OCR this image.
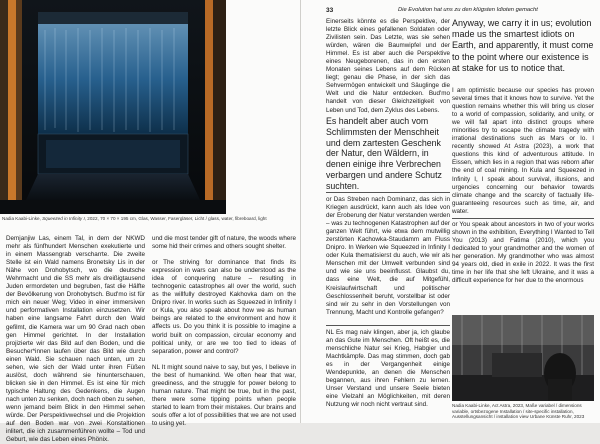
Nadia Kaabi-Linke, Squeezed in Infinity I, 2022, 70 × 70 × 195 cm, Glas, Wasser, Fasergläser, Licht / glass, water, fibreboard, light

Demjanjiw Las, einem Tal, in dem der NKWD mehr als fünfhundert Menschen exekutierte und in einem Massengrab verscharrte. Die zweite Stelle ist ein Wald namens Bronetsky Lis in der Nähe von Drohobytsch, wo die deutsche Wehrmacht und die SS mehr als dreißigtausend Juden ermordeten und begruben, fast die Hälfte der Bevölkerung von Drohobytsch. Bud'mo ist für mich ein neuer Weg; Video in einer immersiven und performativen Installation einzusetzen. Wir haben eine langsame Fahrt durch den Wald gefilmt, die Kamera war um 90 Grad nach oben gen Himmel gerichtet. In der Installation projizierte wir das Bild auf den Boden, und die Besucher*innen laufen über das Bild wie durch einen Wald. Sie schauen nach unten, um zu sehen, wie sich der Wald unter ihren Füßen auslöst, doch während sie hinunterschauen, blicken sie in den Himmel. Es ist eine für mich typische Haltung des Gedenkens, die Augen nach unten zu senken, doch nach oben zu sehen, wenn jemand beim Blick in den Himmel sehen würde. Der Perspektivwechsel und die Projektion auf den Boden war von zwei Konstaltionen inlitert, die ich zusammenführen wollte – Tod und Geburt, wie das Leben eines Phönix.

und die most tender gift of nature, the woods where some hid their crimes and others sought shelter.

or The striving for dominance that finds its expression in wars can also be understood as the idea of conquering nature – resulting in technogenic catastrophes all over the world, such as the willfully destroyed Kakhovka dam on the Dnipro river. In works such as Squeezed in Infinity I or Kula, you also speak about how we as human beings are related to the environment and how it affects us. Do you think it is possible to imagine a world built on compassion, circular economy and political unity, or are we too tied to ideas of separation, power and control?

NL It might sound naive to say, but yes, I believe in the best of humankind. We often hear that war, greediness, and the struggle for power belong to human nature. That might be true, but in the past, there were some tipping points when people started to learn from their mistakes. Our brains and souls offer a lot of possibilities that we are not used to using yet.

33	Die Evolution hat uns zu den klügsten Idioten gemacht

Einerseits könnte es die Perspektive, der letzte Blick eines gefallenen Soldaten oder Zivilisten sein. Das Letzte, was sie sehen würden, wären die Baumwipfel und der Himmel. Es ist aber auch die Perspektive eines Neugeborenen, das in den ersten Monaten seines Lebens auf dem Rücken liegt; genau die Phase, in der sich das Sehvermögen entwickelt und Säuglinge die Welt und die Natur entdecken. Bud'mo handelt von dieser Gleichzeitigkeit von Leben und Tod, dem Zyklus des Lebens.

Es handelt aber auch vom Schlimmsten der Menschheit und dem zartesten Geschenk der Natur, den Wäldern, in denen einige ihre Verbrechen verbargen und andere Schutz suchten.

or Das Streben nach Dominanz, das sich in Kriegen ausdrückt, kann auch als Idee von der Eroberung der Natur verstanden werden – was zu technogenen Katastrophen auf der ganzen Welt führt, wie etwa dem mutwillig zerstörten Kachowka-Staudamm am Fluss Dnipro. In Werken wie Squeezed in Infinity I oder Kula thematisierst du auch, wie wir als Menschen mit der Umwelt verbunden sind und wie sie uns beeinflusst. Glaubst du, dass eine Welt, die auf Mitgefühl, Kreislaufwirtschaft und politischer Geschlossenheit beruht, vorstellbar ist oder sind wir zu sehr in den Vorstellungen von Trennung, Macht und Kontrolle gefangen?

NL Es mag naiv klingen, aber ja, ich glaube an das Gute im Menschen. Oft heißt es, die menschliche Natur sei Krieg, Habgier und Machtkämpfe. Das mag stimmen, doch gab es in der Vergangenheit einige Wendepunkte, an denen die Menschen begannen, aus ihren Fehlern zu lernen. Unser Verstand und unsere Seele bieten eine Vielzahl an Möglichkeiten, mit deren Nutzung wir noch nicht vertraut sind.

Anyway, we carry it in us; evolution made us the smartest idiots on Earth, and apparently, it must come to the point where our existence is at stake for us to notice that.

I am optimistic because our species has proven several times that it knows how to survive. Yet the question remains whether this will bring us closer to a world of compassion, solidarity, and unity, or we will fall apart into distinct groups where minorities try to escape the climate tragedy with irrational destinations such as Mars or Io. I recently showed At Astra (2023), a work that questions this kind of adventurous attitude. In Eissen, which lies in a region that was reborn after the end of coal mining. In Kula and Squeezed in Infinity I, I speak about survival, illusions, and urgencies concerning our behavior towards climate change and the scarcity of factually life-guaranteeing resources such as time, air, and water.

or You speak about ancestors in two of your works shown in the exhibition, Everything I Wanted to Tell You (2013) and Fatima (2010), which you dedicated to your grandmother and the women of her generation. My grandmother who was almost 94 years old, died in exile in 2022. It was the first time in her life that she left Ukraine, and it was a difficult experience for her due to the enormous

Nadia Kaabi-Linke, Act Astra, 2023, Maße variabel / dimensions variable, ortsbezogene Installation / site-specific installation, Ausstellungsansicht / installation view Urbane Künste Ruhr, 2023
